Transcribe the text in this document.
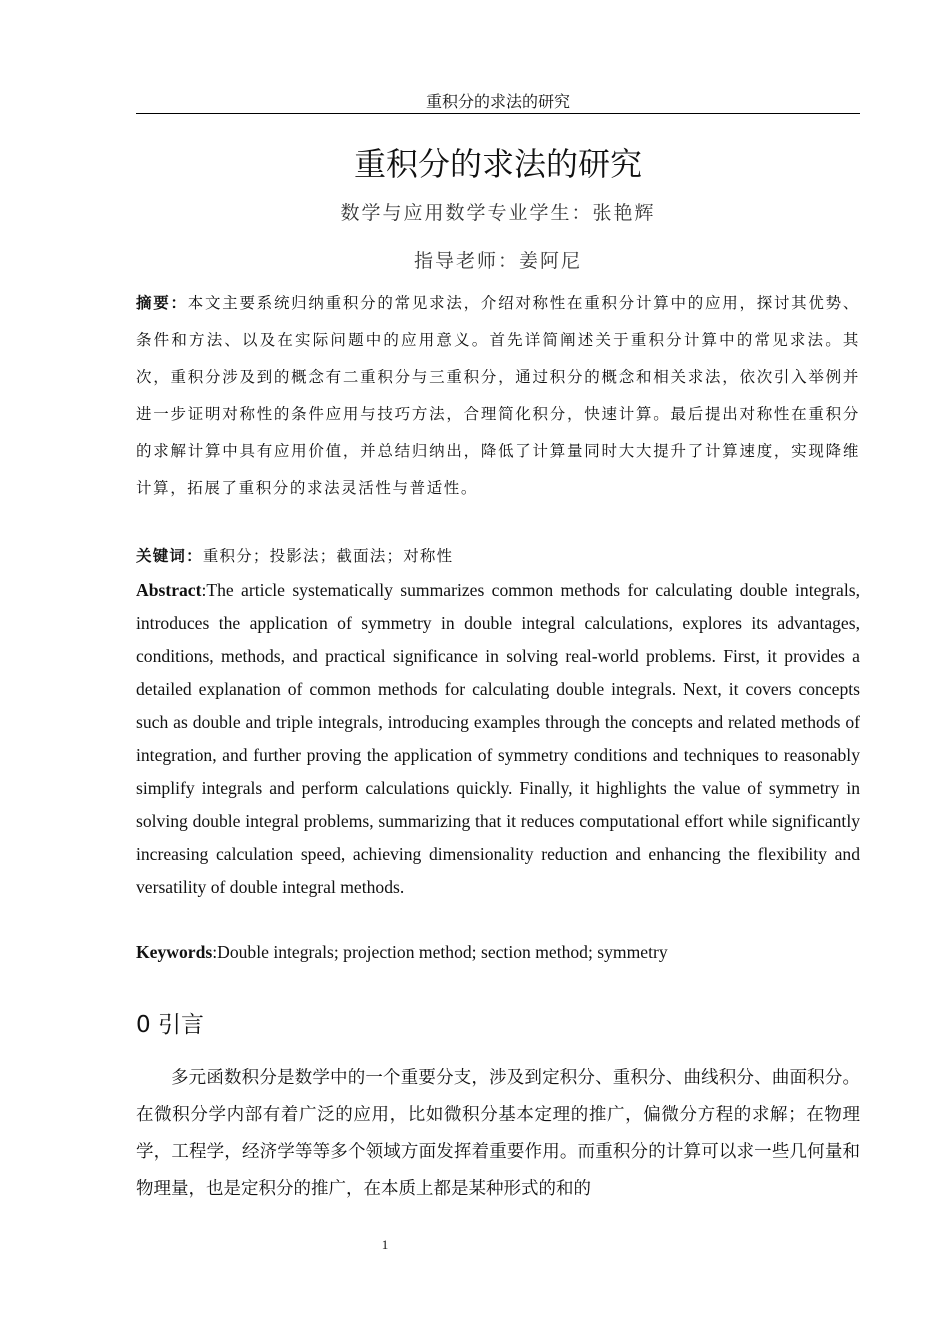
重积分的求法的研究
重积分的求法的研究
数学与应用数学专业学生：张艳辉
指导老师：姜阿尼
摘要：本文主要系统归纳重积分的常见求法，介绍对称性在重积分计算中的应用，探讨其优势、条件和方法、以及在实际问题中的应用意义。首先详简阐述关于重积分计算中的常见求法。其次，重积分涉及到的概念有二重积分与三重积分，通过积分的概念和相关求法，依次引入举例并进一步证明对称性的条件应用与技巧方法，合理简化积分，快速计算。最后提出对称性在重积分的求解计算中具有应用价值，并总结归纳出，降低了计算量同时大大提升了计算速度，实现降维计算，拓展了重积分的求法灵活性与普适性。
关键词：重积分；投影法；截面法；对称性
Abstract:The article systematically summarizes common methods for calculating double integrals, introduces the application of symmetry in double integral calculations, explores its advantages, conditions, methods, and practical significance in solving real-world problems. First, it provides a detailed explanation of common methods for calculating double integrals. Next, it covers concepts such as double and triple integrals, introducing examples through the concepts and related methods of integration, and further proving the application of symmetry conditions and techniques to reasonably simplify integrals and perform calculations quickly. Finally, it highlights the value of symmetry in solving double integral problems, summarizing that it reduces computational effort while significantly increasing calculation speed, achieving dimensionality reduction and enhancing the flexibility and versatility of double integral methods.
Keywords:Double integrals; projection method; section method; symmetry
0 引言
多元函数积分是数学中的一个重要分支，涉及到定积分、重积分、曲线积分、曲面积分。在微积分学内部有着广泛的应用，比如微积分基本定理的推广，偏微分方程的求解；在物理学，工程学，经济学等等多个领域方面发挥着重要作用。而重积分的计算可以求一些几何量和物理量，也是定积分的推广，在本质上都是某种形式的和的
1
